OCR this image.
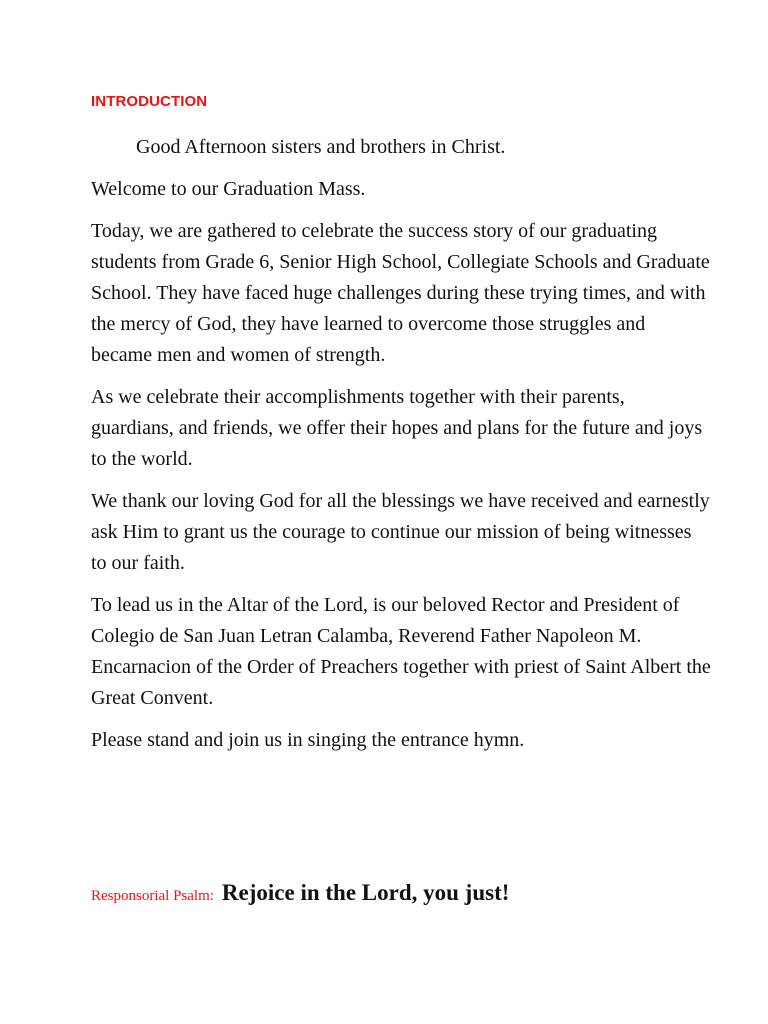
INTRODUCTION

Good Afternoon sisters and brothers in Christ.

Welcome to our Graduation Mass.

Today, we are gathered to celebrate the success story of our graduating students from Grade 6, Senior High School, Collegiate Schools and Graduate School. They have faced huge challenges during these trying times, and with the mercy of God, they have learned to overcome those struggles and became men and women of strength.

As we celebrate their accomplishments together with their parents, guardians, and friends, we offer their hopes and plans for the future and joys to the world.

We thank our loving God for all the blessings we have received and earnestly ask Him to grant us the courage to continue our mission of being witnesses to our faith.

To lead us in the Altar of the Lord, is our beloved Rector and President of Colegio de San Juan Letran Calamba, Reverend Father Napoleon M. Encarnacion of the Order of Preachers together with priest of Saint Albert the Great Convent.

Please stand and join us in singing the entrance hymn.

Responsorial Psalm: Rejoice in the Lord, you just!
